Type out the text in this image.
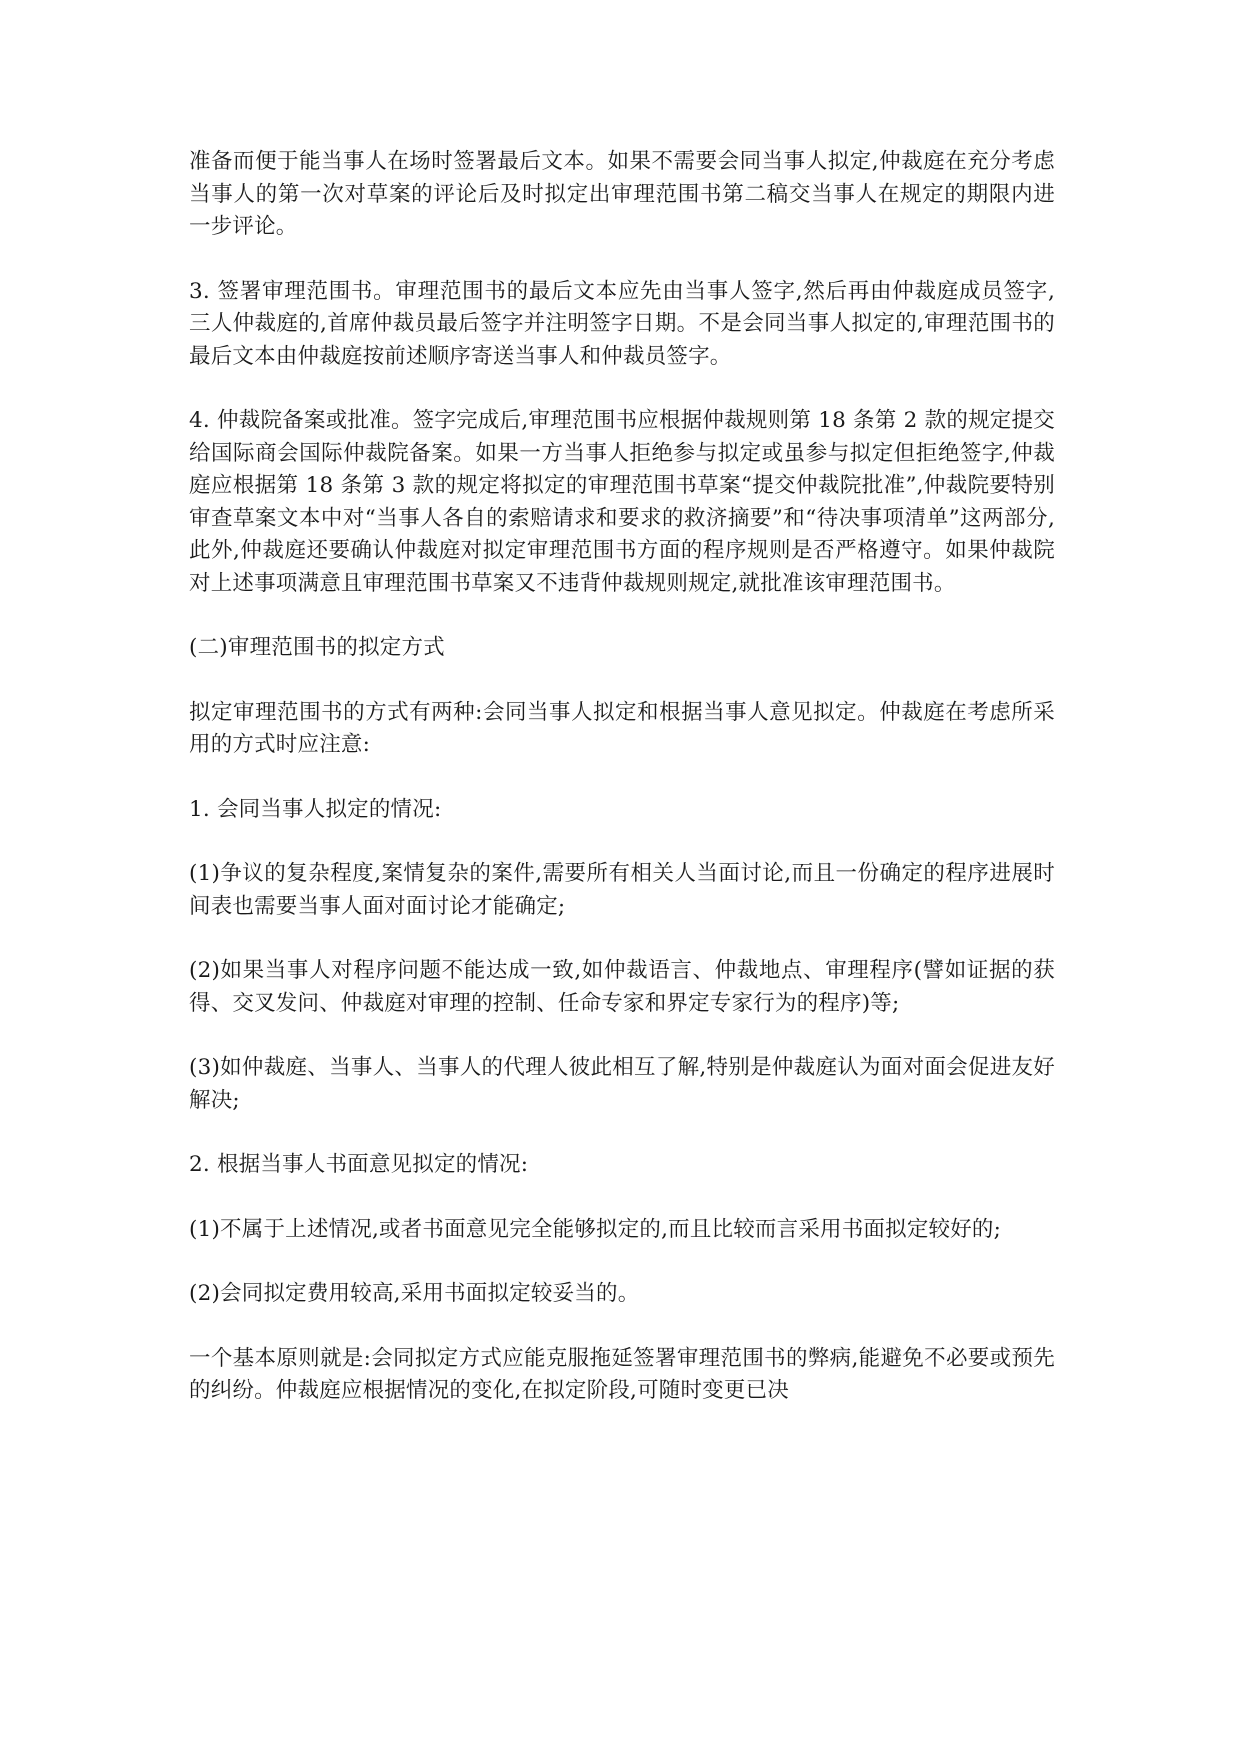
准备而便于能当事人在场时签署最后文本。如果不需要会同当事人拟定,仲裁庭在充分考虑当事人的第一次对草案的评论后及时拟定出审理范围书第二稿交当事人在规定的期限内进一步评论。

3. 签署审理范围书。审理范围书的最后文本应先由当事人签字,然后再由仲裁庭成员签字,三人仲裁庭的,首席仲裁员最后签字并注明签字日期。不是会同当事人拟定的,审理范围书的最后文本由仲裁庭按前述顺序寄送当事人和仲裁员签字。

4. 仲裁院备案或批准。签字完成后,审理范围书应根据仲裁规则第 18 条第 2 款的规定提交给国际商会国际仲裁院备案。如果一方当事人拒绝参与拟定或虽参与拟定但拒绝签字,仲裁庭应根据第 18 条第 3 款的规定将拟定的审理范围书草案“提交仲裁院批准”,仲裁院要特别审查草案文本中对“当事人各自的索赔请求和要求的救济摘要”和“待决事项清单”这两部分,此外,仲裁庭还要确认仲裁庭对拟定审理范围书方面的程序规则是否严格遵守。如果仲裁院对上述事项满意且审理范围书草案又不违背仲裁规则规定,就批准该审理范围书。

(二)审理范围书的拟定方式

拟定审理范围书的方式有两种:会同当事人拟定和根据当事人意见拟定。仲裁庭在考虑所采用的方式时应注意:

1. 会同当事人拟定的情况:

(1)争议的复杂程度,案情复杂的案件,需要所有相关人当面讨论,而且一份确定的程序进展时间表也需要当事人面对面讨论才能确定;

(2)如果当事人对程序问题不能达成一致,如仲裁语言、仲裁地点、审理程序(譬如证据的获得、交叉发问、仲裁庭对审理的控制、任命专家和界定专家行为的程序)等;

(3)如仲裁庭、当事人、当事人的代理人彼此相互了解,特别是仲裁庭认为面对面会促进友好解决;

2. 根据当事人书面意见拟定的情况:

(1)不属于上述情况,或者书面意见完全能够拟定的,而且比较而言采用书面拟定较好的;

(2)会同拟定费用较高,采用书面拟定较妥当的。

一个基本原则就是:会同拟定方式应能克服拖延签署审理范围书的弊病,能避免不必要或预先的纠纷。仲裁庭应根据情况的变化,在拟定阶段,可随时变更已决
